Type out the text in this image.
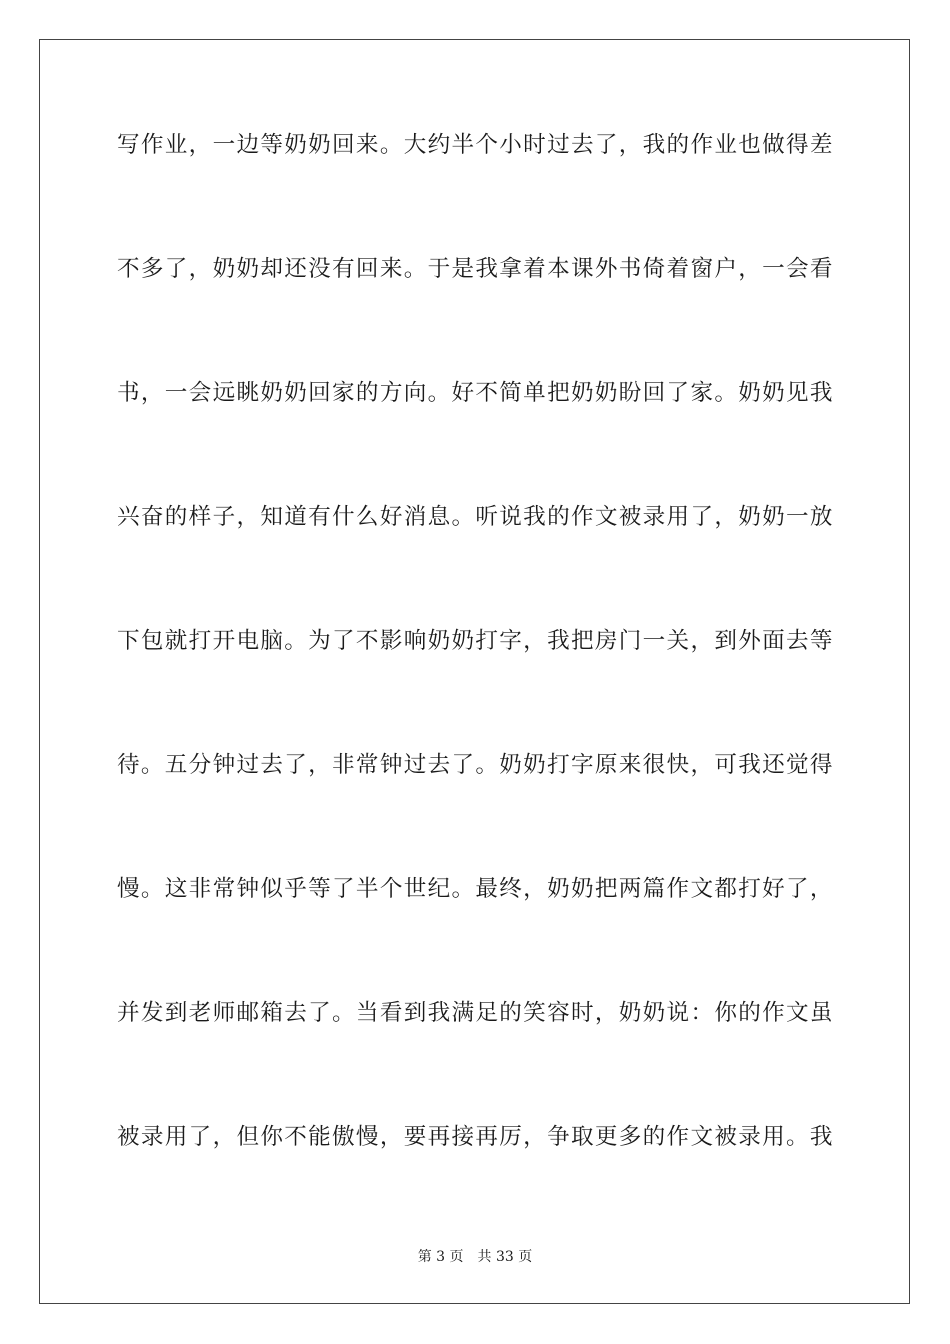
写作业，一边等奶奶回来。大约半个小时过去了，我的作业也做得差
不多了，奶奶却还没有回来。于是我拿着本课外书倚着窗户，一会看
书，一会远眺奶奶回家的方向。好不简单把奶奶盼回了家。奶奶见我
兴奋的样子，知道有什么好消息。听说我的作文被录用了，奶奶一放
下包就打开电脑。为了不影响奶奶打字，我把房门一关，到外面去等
待。五分钟过去了，非常钟过去了。奶奶打字原来很快，可我还觉得
慢。这非常钟似乎等了半个世纪。最终，奶奶把两篇作文都打好了，
并发到老师邮箱去了。当看到我满足的笑容时，奶奶说：你的作文虽
被录用了，但你不能傲慢，要再接再厉，争取更多的作文被录用。我
第 3 页 共 33 页
